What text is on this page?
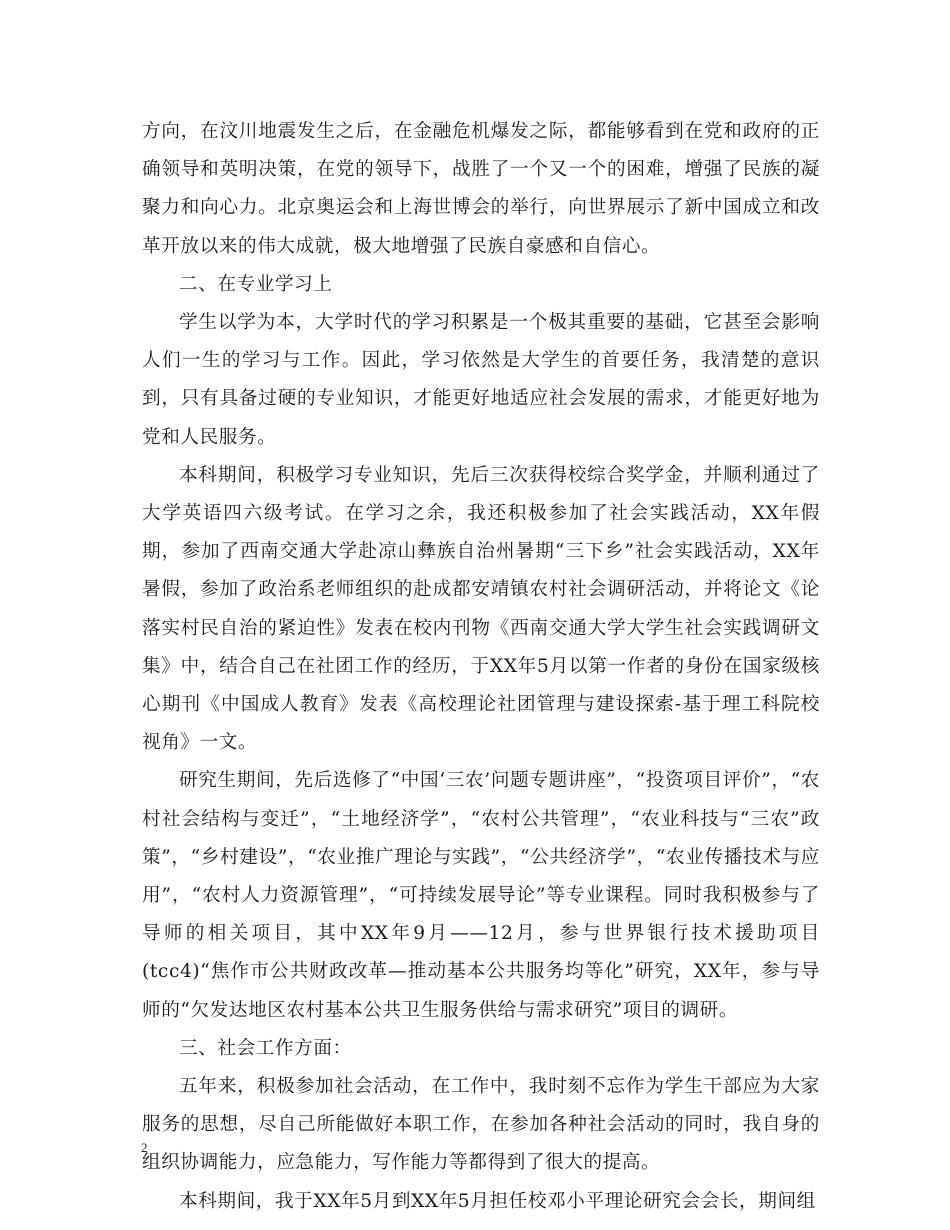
方向，在汶川地震发生之后，在金融危机爆发之际，都能够看到在党和政府的正确领导和英明决策，在党的领导下，战胜了一个又一个的困难，增强了民族的凝聚力和向心力。北京奥运会和上海世博会的举行，向世界展示了新中国成立和改革开放以来的伟大成就，极大地增强了民族自豪感和自信心。

二、在专业学习上

学生以学为本，大学时代的学习积累是一个极其重要的基础，它甚至会影响人们一生的学习与工作。因此，学习依然是大学生的首要任务，我清楚的意识到，只有具备过硬的专业知识，才能更好地适应社会发展的需求，才能更好地为党和人民服务。

本科期间，积极学习专业知识，先后三次获得校综合奖学金，并顺利通过了大学英语四六级考试。在学习之余，我还积极参加了社会实践活动，XX年假期，参加了西南交通大学赴凉山彝族自治州暑期“三下乡”社会实践活动，XX年暑假，参加了政治系老师组织的赴成都安靖镇农村社会调研活动，并将论文《论落实村民自治的紧迫性》发表在校内刊物《西南交通大学大学生社会实践调研文集》中，结合自己在社团工作的经历，于XX年5月以第一作者的身份在国家级核心期刊《中国成人教育》发表《高校理论社团管理与建设探索-基于理工科院校视角》一文。

研究生期间，先后选修了“中国‘三农’问题专题讲座”，“投资项目评价”，“农村社会结构与变迁”，“土地经济学”，“农村公共管理”，“农业科技与“三农”政策”，“乡村建设”，“农业推广理论与实践”，“公共经济学”，“农业传播技术与应用”，“农村人力资源管理”，“可持续发展导论”等专业课程。同时我积极参与了导师的相关项目，其中XX年9月——12月，参与世界银行技术援助项目(tcc4)“焦作市公共财政改革—推动基本公共服务均等化”研究，XX年，参与导师的“欠发达地区农村基本公共卫生服务供给与需求研究”项目的调研。

三、社会工作方面：

五年来，积极参加社会活动，在工作中，我时刻不忘作为学生干部应为大家服务的思想，尽自己所能做好本职工作，在参加各种社会活动的同时，我自身的组织协调能力，应急能力，写作能力等都得到了很大的提高。

本科期间，我于XX年5月到XX年5月担任校邓小平理论研究会会长，期间组

2
